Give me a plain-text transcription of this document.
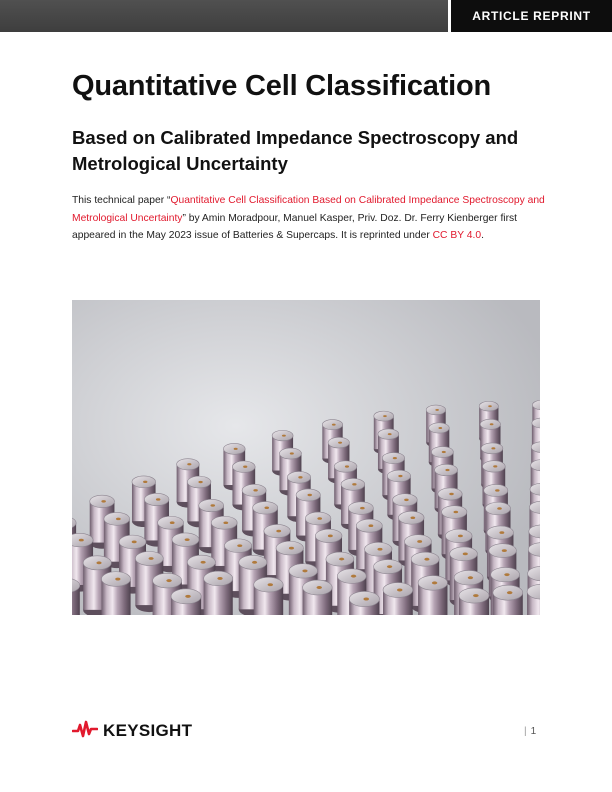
ARTICLE REPRINT
Quantitative Cell Classification
Based on Calibrated Impedance Spectroscopy and Metrological Uncertainty

This technical paper “Quantitative Cell Classification Based on Calibrated Impedance Spectroscopy and Metrological Uncertainty” by Amin Moradpour, Manuel Kasper, Priv. Doz. Dr. Ferry Kienberger first appeared in the May 2023 issue of Batteries & Supercaps. It is reprinted under CC BY 4.0.

KEYSIGHT	| 1
